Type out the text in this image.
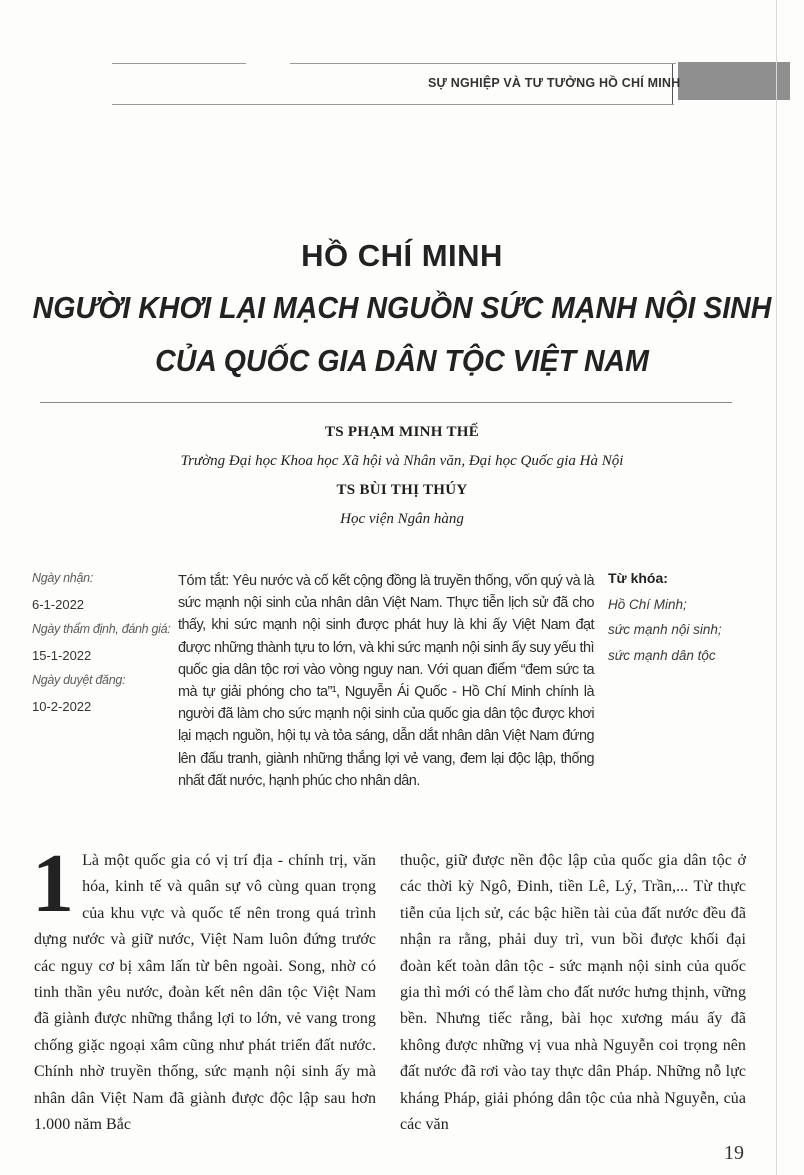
SỰ NGHIỆP VÀ TƯ TƯỞNG HỒ CHÍ MINH
HỒ CHÍ MINH
NGƯỜI KHƠI LẠI MẠCH NGUỒN SỨC MẠNH NỘI SINH
CỦA QUỐC GIA DÂN TỘC VIỆT NAM
TS PHẠM MINH THẾ
Trường Đại học Khoa học Xã hội và Nhân văn, Đại học Quốc gia Hà Nội
TS BÙI THỊ THÚY
Học viện Ngân hàng
Ngày nhận:
6-1-2022
Ngày thẩm định, đánh giá:
15-1-2022
Ngày duyệt đăng:
10-2-2022
Tóm tắt: Yêu nước và cố kết cộng đồng là truyền thống, vốn quý và là sức mạnh nội sinh của nhân dân Việt Nam. Thực tiễn lịch sử đã cho thấy, khi sức mạnh nội sinh được phát huy là khi ấy Việt Nam đạt được những thành tựu to lớn, và khi sức mạnh nội sinh ấy suy yếu thì quốc gia dân tộc rơi vào vòng nguy nan. Với quan điểm “đem sức ta mà tự giải phóng cho ta”¹, Nguyễn Ái Quốc - Hồ Chí Minh chính là người đã làm cho sức mạnh nội sinh của quốc gia dân tộc được khơi lại mạch nguồn, hội tụ và tỏa sáng, dẫn dắt nhân dân Việt Nam đứng lên đấu tranh, giành những thắng lợi vẻ vang, đem lại độc lập, thống nhất đất nước, hạnh phúc cho nhân dân.
Từ khóa:
Hồ Chí Minh;
sức mạnh nội sinh;
sức mạnh dân tộc
1 Là một quốc gia có vị trí địa - chính trị, văn hóa, kinh tế và quân sự vô cùng quan trọng của khu vực và quốc tế nên trong quá trình dựng nước và giữ nước, Việt Nam luôn đứng trước các nguy cơ bị xâm lấn từ bên ngoài. Song, nhờ có tinh thần yêu nước, đoàn kết nên dân tộc Việt Nam đã giành được những thắng lợi to lớn, vẻ vang trong chống giặc ngoại xâm cũng như phát triển đất nước. Chính nhờ truyền thống, sức mạnh nội sinh ấy mà nhân dân Việt Nam đã giành được độc lập sau hơn 1.000 năm Bắc
thuộc, giữ được nền độc lập của quốc gia dân tộc ở các thời kỳ Ngô, Đinh, tiền Lê, Lý, Trần,... Từ thực tiễn của lịch sử, các bậc hiền tài của đất nước đều đã nhận ra rằng, phải duy trì, vun bồi được khối đại đoàn kết toàn dân tộc - sức mạnh nội sinh của quốc gia thì mới có thể làm cho đất nước hưng thịnh, vững bền. Nhưng tiếc rằng, bài học xương máu ấy đã không được những vị vua nhà Nguyễn coi trọng nên đất nước đã rơi vào tay thực dân Pháp. Những nỗ lực kháng Pháp, giải phóng dân tộc của nhà Nguyễn, của các văn
19
